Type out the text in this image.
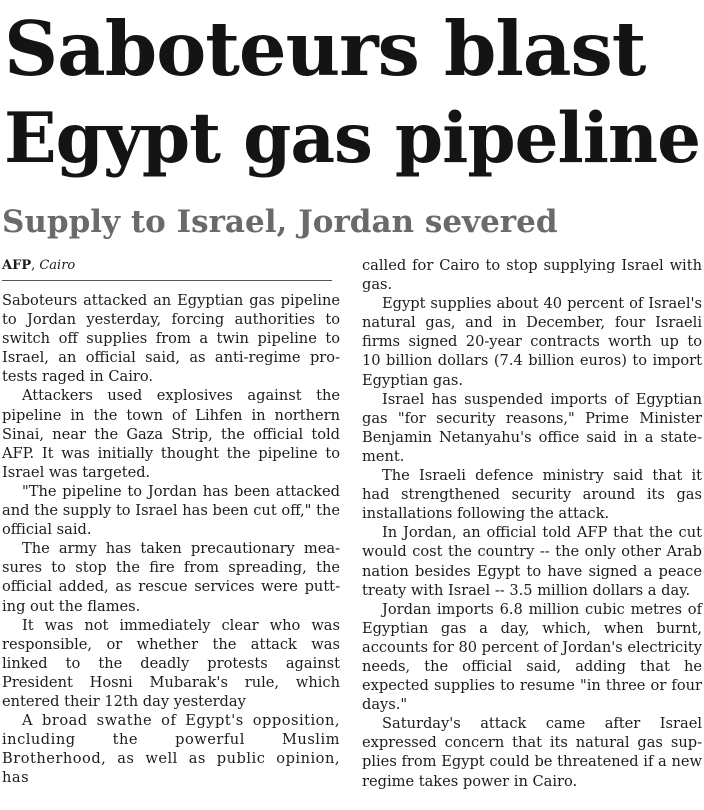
Saboteurs blast
Egypt gas pipeline
Supply to Israel, Jordan severed
AFP, Cairo

Saboteurs attacked an Egyptian gas pipeline to Jordan yesterday, forcing authorities to switch off supplies from a twin pipeline to Israel, an official said, as anti-regime protests raged in Cairo.

Attackers used explosives against the pipeline in the town of Lihfen in northern Sinai, near the Gaza Strip, the official told AFP. It was initially thought the pipeline to Israel was targeted.

"The pipeline to Jordan has been attacked and the supply to Israel has been cut off," the official said.

The army has taken precautionary measures to stop the fire from spreading, the official added, as rescue services were putting out the flames.

It was not immediately clear who was responsible, or whether the attack was linked to the deadly protests against President Hosni Mubarak's rule, which entered their 12th day yesterday

A broad swathe of Egypt's opposition, including the powerful Muslim Brotherhood, as well as public opinion, has

called for Cairo to stop supplying Israel with gas.

Egypt supplies about 40 percent of Israel's natural gas, and in December, four Israeli firms signed 20-year contracts worth up to 10 billion dollars (7.4 billion euros) to import Egyptian gas.

Israel has suspended imports of Egyptian gas "for security reasons," Prime Minister Benjamin Netanyahu's office said in a statement.

The Israeli defence ministry said that it had strengthened security around its gas installations following the attack.

In Jordan, an official told AFP that the cut would cost the country -- the only other Arab nation besides Egypt to have signed a peace treaty with Israel -- 3.5 million dollars a day.

Jordan imports 6.8 million cubic metres of Egyptian gas a day, which, when burnt, accounts for 80 percent of Jordan's electricity needs, the official said, adding that he expected supplies to resume "in three or four days."

Saturday's attack came after Israel expressed concern that its natural gas supplies from Egypt could be threatened if a new regime takes power in Cairo.
